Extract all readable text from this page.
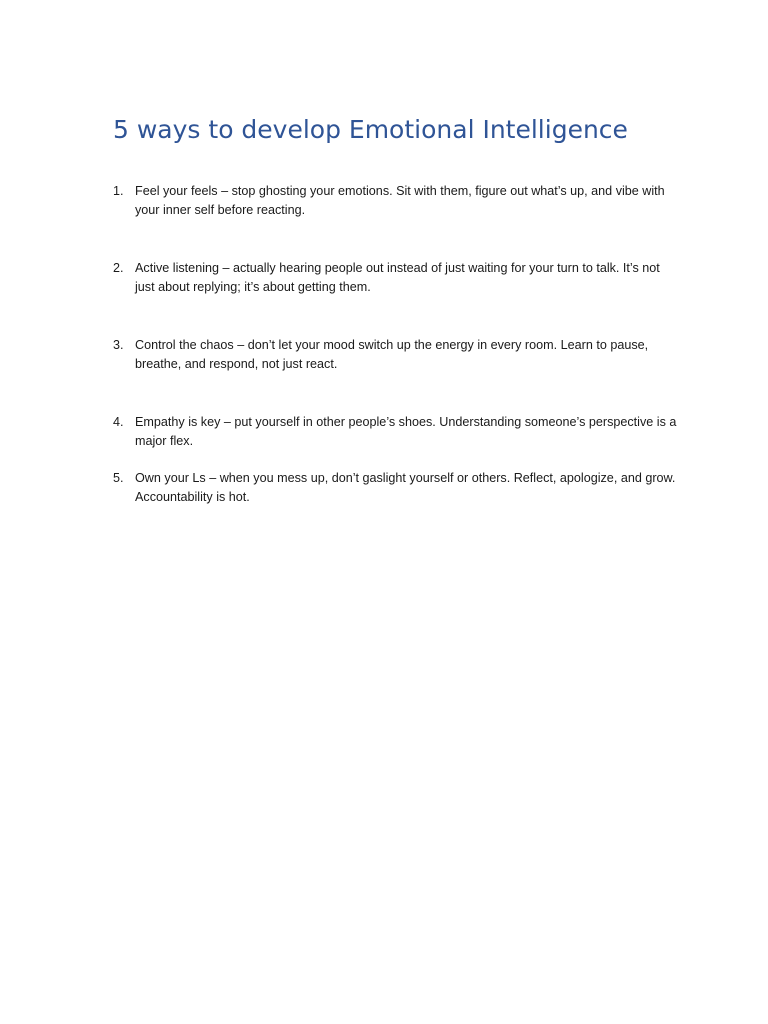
5 ways to develop Emotional Intelligence
1. Feel your feels – stop ghosting your emotions. Sit with them, figure out what’s up, and vibe with your inner self before reacting.
2. Active listening – actually hearing people out instead of just waiting for your turn to talk. It’s not just about replying; it’s about getting them.
3. Control the chaos – don’t let your mood switch up the energy in every room. Learn to pause, breathe, and respond, not just react.
4. Empathy is key – put yourself in other people’s shoes. Understanding someone’s perspective is a major flex.
5. Own your Ls – when you mess up, don’t gaslight yourself or others. Reflect, apologize, and grow. Accountability is hot.
